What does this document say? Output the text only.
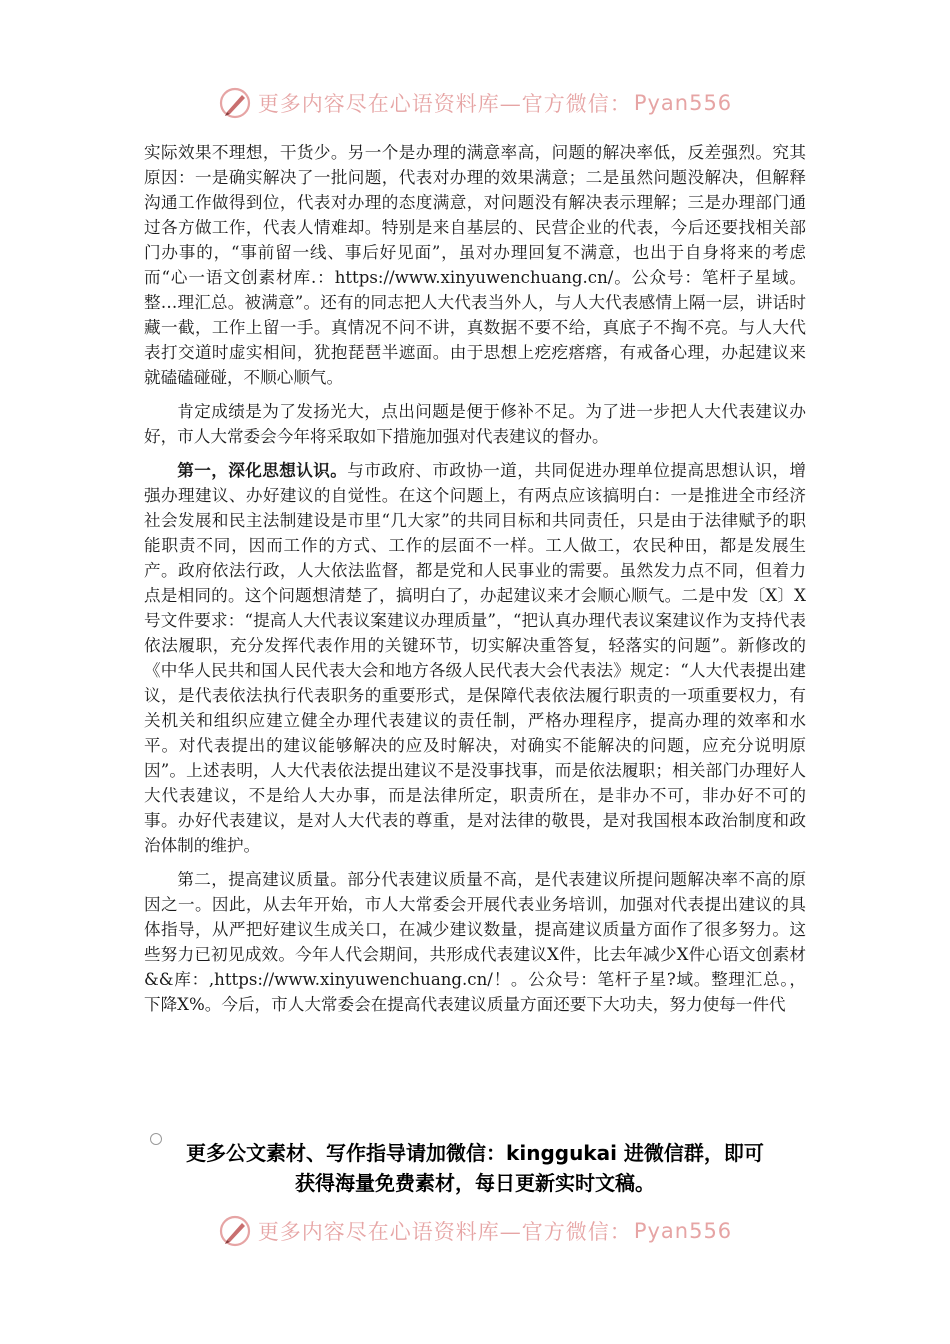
更多内容尽在心语资料库—官方微信： Pyan556

实际效果不理想，干货少。另一个是办理的满意率高，问题的解决率低，反差强烈。究其原因：一是确实解决了一批问题，代表对办理的效果满意；二是虽然问题没解决，但解释沟通工作做得到位，代表对办理的态度满意，对问题没有解决表示理解；三是办理部门通过各方做工作，代表人情难却。特别是来自基层的、民营企业的代表，今后还要找相关部门办事的，“事前留一线、事后好见面”，虽对办理回复不满意，也出于自身将来的考虑而“心一语文创素材库.：https://www.xinyuwenchuang.cn/。公众号：笔杆子星域。整…理汇总。被满意”。还有的同志把人大代表当外人，与人大代表感情上隔一层，讲话时藏一截，工作上留一手。真情况不问不讲，真数据不要不给，真底子不掏不亮。与人大代表打交道时虚实相间，犹抱琵琶半遮面。由于思想上疙疙瘩瘩，有戒备心理，办起建议来就磕磕碰碰，不顺心顺气。

肯定成绩是为了发扬光大，点出问题是便于修补不足。为了进一步把人大代表建议办好，市人大常委会今年将采取如下措施加强对代表建议的督办。

第一，深化思想认识。与市政府、市政协一道，共同促进办理单位提高思想认识，增强办理建议、办好建议的自觉性。在这个问题上，有两点应该搞明白：一是推进全市经济社会发展和民主法制建设是市里“几大家”的共同目标和共同责任，只是由于法律赋予的职能职责不同，因而工作的方式、工作的层面不一样。工人做工，农民种田，都是发展生产。政府依法行政，人大依法监督，都是党和人民事业的需要。虽然发力点不同，但着力点是相同的。这个问题想清楚了，搞明白了，办起建议来才会顺心顺气。二是中发〔X〕X号文件要求：“提高人大代表议案建议办理质量”，“把认真办理代表议案建议作为支持代表依法履职，充分发挥代表作用的关键环节，切实解决重答复，轻落实的问题”。新修改的《中华人民共和国人民代表大会和地方各级人民代表大会代表法》规定：“人大代表提出建议，是代表依法执行代表职务的重要形式，是保障代表依法履行职责的一项重要权力，有关机关和组织应建立健全办理代表建议的责任制，严格办理程序，提高办理的效率和水平。对代表提出的建议能够解决的应及时解决，对确实不能解决的问题，应充分说明原因”。上述表明，人大代表依法提出建议不是没事找事，而是依法履职；相关部门办理好人大代表建议，不是给人大办事，而是法律所定，职责所在，是非办不可，非办好不可的事。办好代表建议，是对人大代表的尊重，是对法律的敬畏，是对我国根本政治制度和政治体制的维护。

第二，提高建议质量。部分代表建议质量不高，是代表建议所提问题解决率不高的原因之一。因此，从去年开始，市人大常委会开展代表业务培训，加强对代表提出建议的具体指导，从严把好建议生成关口，在减少建议数量，提高建议质量方面作了很多努力。这些努力已初见成效。今年人代会期间，共形成代表建议X件，比去年减少X件心语文创素材&&库：,https://www.xinyuwenchuang.cn/！。公众号：笔杆子星?域。整理汇总。，下降X%。今后，市人大常委会在提高代表建议质量方面还要下大功夫，努力使每一件代

更多公文素材、写作指导请加微信：kinggukai 进微信群，即可
获得海量免费素材，每日更新实时文稿。
更多内容尽在心语资料库—官方微信： Pyan556
